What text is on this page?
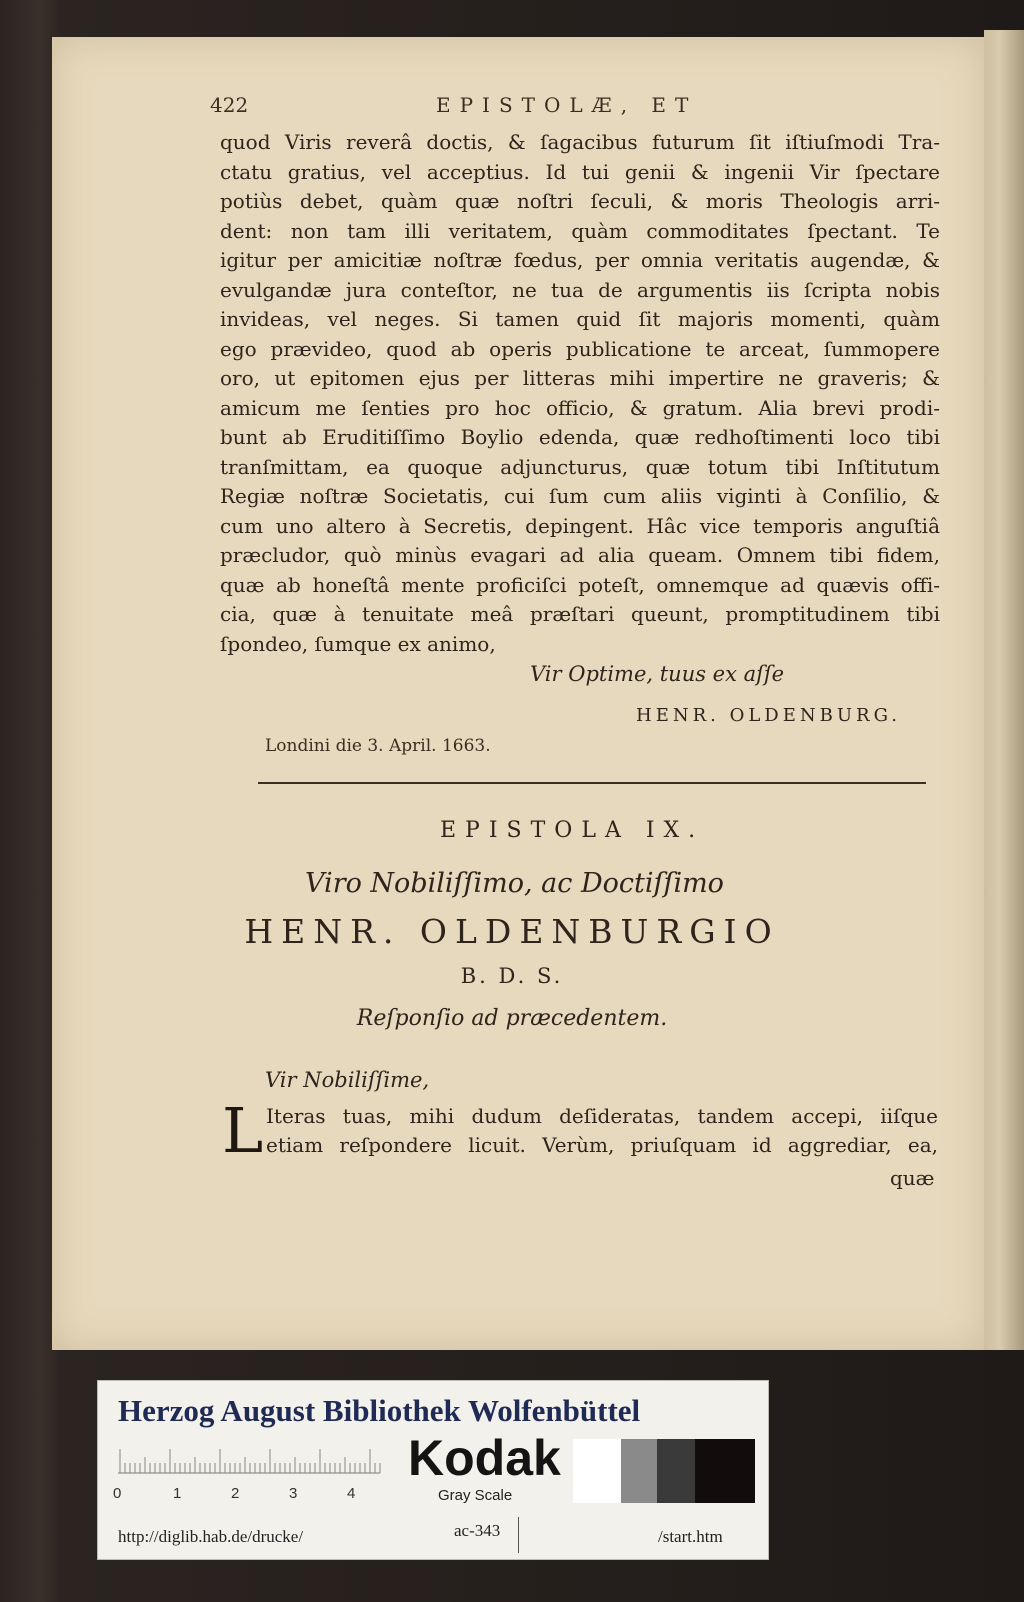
422	EPISTOLÆ, ET
quod Viris reverâ doctis, & ſagacibus futurum ſit iſtiuſmodi Tra-
ctatu gratius, vel acceptius. Id tui genii & ingenii Vir ſpectare
potiùs debet, quàm quæ noſtri ſeculi, & moris Theologis arri-
dent: non tam illi veritatem, quàm commoditates ſpectant. Te
igitur per amicitiæ noſtræ fœdus, per omnia veritatis augendæ, &
evulgandæ jura conteſtor, ne tua de argumentis iis ſcripta nobis
invideas, vel neges. Si tamen quid ſit majoris momenti, quàm
ego prævideo, quod ab operis publicatione te arceat, ſummopere
oro, ut epitomen ejus per litteras mihi impertire ne graveris; &
amicum me ſenties pro hoc officio, & gratum. Alia brevi prodi-
bunt ab Eruditiſſimo Boylio edenda, quæ redhoſtimenti loco tibi
tranſmittam, ea quoque adjuncturus, quæ totum tibi Inſtitutum
Regiæ noſtræ Societatis, cui ſum cum aliis viginti à Conſilio, &
cum uno altero à Secretis, depingent. Hâc vice temporis anguſtiâ
præcludor, quò minùs evagari ad alia queam. Omnem tibi fidem,
quæ ab honeſtâ mente proficiſci poteſt, omnemque ad quævis offi-
cia, quæ à tenuitate meâ præſtari queunt, promptitudinem tibi
ſpondeo, ſumque ex animo,
Vir Optime, tuus ex aſſe
HENR. OLDENBURG.
Londini die 3. April. 1663.
EPISTOLA IX.
Viro Nobiliſſimo, ac Doctiſſimo
HENR. OLDENBURGIO
B. D. S.
Reſponſio ad præcedentem.
Vir Nobiliſſime,
L Iteras tuas, mihi dudum deſideratas, tandem accepi, iiſque
etiam reſpondere licuit. Verùm, priuſquam id aggrediar, ea,
quæ
Herzog August Bibliothek Wolfenbüttel
0	1	2	3	4
Kodak
Gray Scale
http://diglib.hab.de/drucke/	ac-343	/start.htm
